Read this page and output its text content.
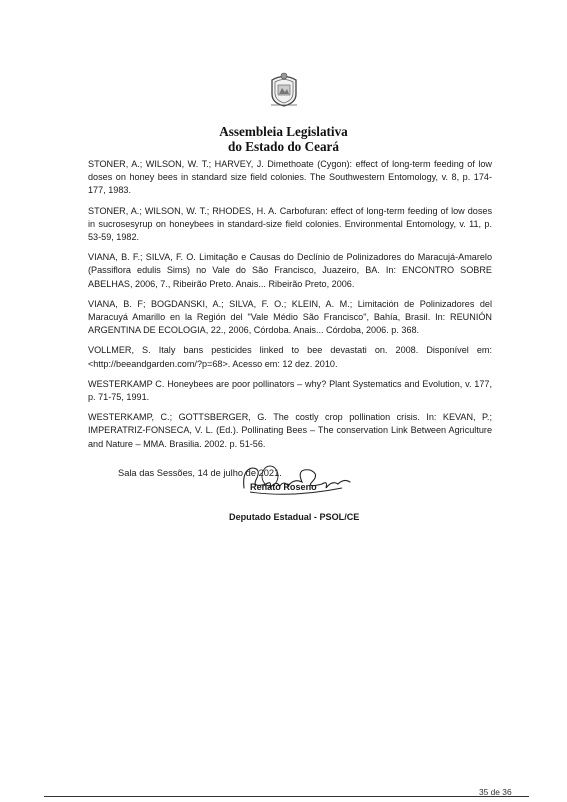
Assembleia Legislativa
do Estado do Ceará

STONER, A.; WILSON, W. T.; HARVEY, J. Dimethoate (Cygon): effect of long-term feeding of low doses on honey bees in standard size field colonies. The Southwestern Entomology, v. 8, p. 174-177, 1983.

STONER, A.; WILSON, W. T.; RHODES, H. A. Carbofuran: effect of long-term feeding of low doses in sucrosesyrup on honeybees in standard-size field colonies. Environmental Entomology, v. 11, p. 53-59, 1982.

VIANA, B. F.; SILVA, F. O. Limitação e Causas do Declínio de Polinizadores do Maracujá-Amarelo (Passiflora edulis Sims) no Vale do São Francisco, Juazeiro, BA. In: ENCONTRO SOBRE ABELHAS, 2006, 7., Ribeirão Preto. Anais... Ribeirão Preto, 2006.

VIANA, B. F; BOGDANSKI, A.; SILVA, F. O.; KLEIN, A. M.; Limitación de Polinizadores del Maracuyá Amarillo en la Región del "Vale Médio São Francisco", Bahía, Brasil. In: REUNIÓN ARGENTINA DE ECOLOGIA, 22., 2006, Córdoba. Anais... Córdoba, 2006. p. 368.

VOLLMER, S. Italy bans pesticides linked to bee devastati on. 2008. Disponível em: <http://beeandgarden.com/?p=68>. Acesso em: 12 dez. 2010.

WESTERKAMP C. Honeybees are poor pollinators – why? Plant Systematics and Evolution, v. 177, p. 71-75, 1991.

WESTERKAMP, C.; GOTTSBERGER, G. The costly crop pollination crisis. In: KEVAN, P.; IMPERATRIZ-FONSECA, V. L. (Ed.). Pollinating Bees – The conservation Link Between Agriculture and Nature – MMA. Brasilia. 2002. p. 51-56.

Sala das Sessões, 14 de julho de 2021.
Renato Roseno
Deputado Estadual - PSOL/CE
35 de 36
